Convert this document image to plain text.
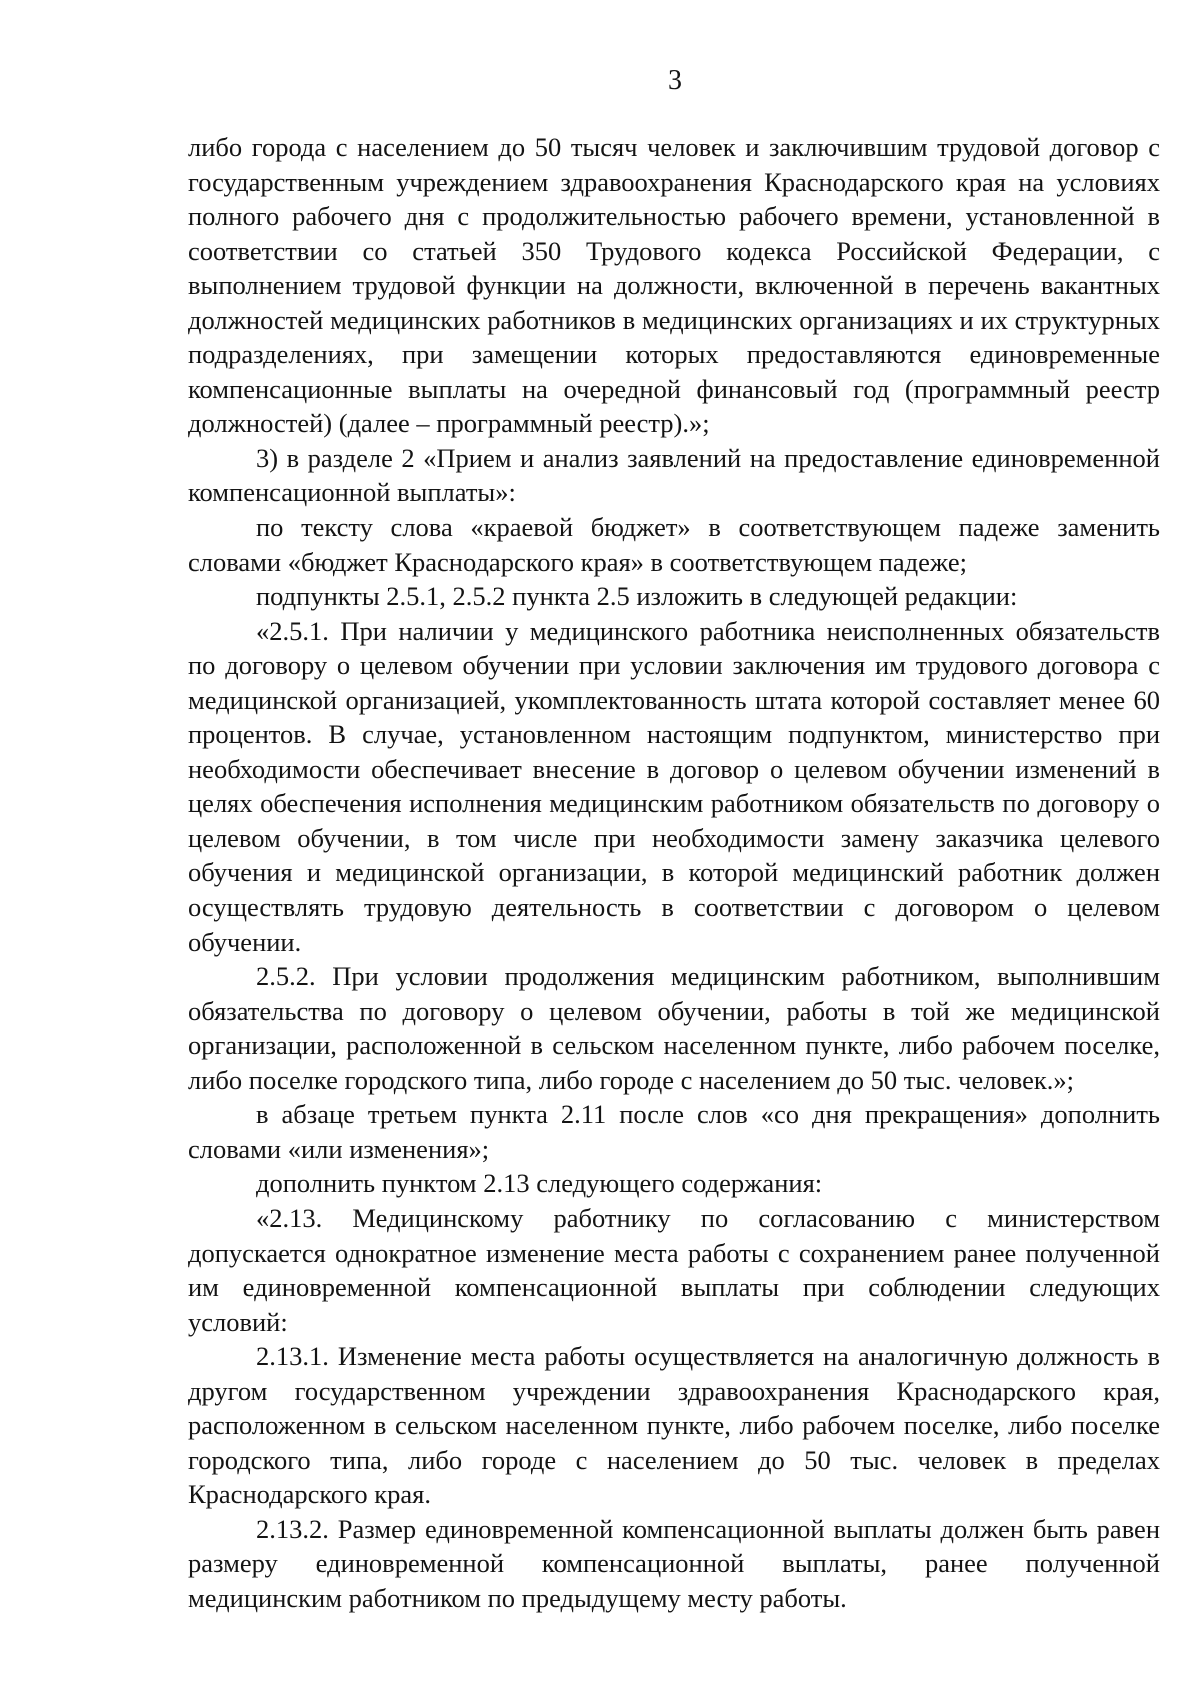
3

либо города с населением до 50 тысяч человек и заключившим трудовой договор с государственным учреждением здравоохранения Краснодарского края на условиях полного рабочего дня с продолжительностью рабочего времени, установленной в соответствии со статьей 350 Трудового кодекса Российской Федерации, с выполнением трудовой функции на должности, включенной в перечень вакантных должностей медицинских работников в медицинских организациях и их структурных подразделениях, при замещении которых предоставляются единовременные компенсационные выплаты на очередной финансовый год (программный реестр должностей) (далее – программный реестр).»;

3) в разделе 2 «Прием и анализ заявлений на предоставление единовременной компенсационной выплаты»:

по тексту слова «краевой бюджет» в соответствующем падеже заменить словами «бюджет Краснодарского края» в соответствующем падеже;

подпункты 2.5.1, 2.5.2 пункта 2.5 изложить в следующей редакции:

«2.5.1. При наличии у медицинского работника неисполненных обязательств по договору о целевом обучении при условии заключения им трудового договора с медицинской организацией, укомплектованность штата которой составляет менее 60 процентов. В случае, установленном настоящим подпунктом, министерство при необходимости обеспечивает внесение в договор о целевом обучении изменений в целях обеспечения исполнения медицинским работником обязательств по договору о целевом обучении, в том числе при необходимости замену заказчика целевого обучения и медицинской организации, в которой медицинский работник должен осуществлять трудовую деятельность в соответствии с договором о целевом обучении.

2.5.2. При условии продолжения медицинским работником, выполнившим обязательства по договору о целевом обучении, работы в той же медицинской организации, расположенной в сельском населенном пункте, либо рабочем поселке, либо поселке городского типа, либо городе с населением до 50 тыс. человек.»;

в абзаце третьем пункта 2.11 после слов «со дня прекращения» дополнить словами «или изменения»;

дополнить пунктом 2.13 следующего содержания:

«2.13. Медицинскому работнику по согласованию с министерством допускается однократное изменение места работы с сохранением ранее полученной им единовременной компенсационной выплаты при соблюдении следующих условий:

2.13.1. Изменение места работы осуществляется на аналогичную должность в другом государственном учреждении здравоохранения Краснодарского края, расположенном в сельском населенном пункте, либо рабочем поселке, либо поселке городского типа, либо городе с населением до 50 тыс. человек в пределах Краснодарского края.

2.13.2. Размер единовременной компенсационной выплаты должен быть равен размеру единовременной компенсационной выплаты, ранее полученной медицинским работником по предыдущему месту работы.
